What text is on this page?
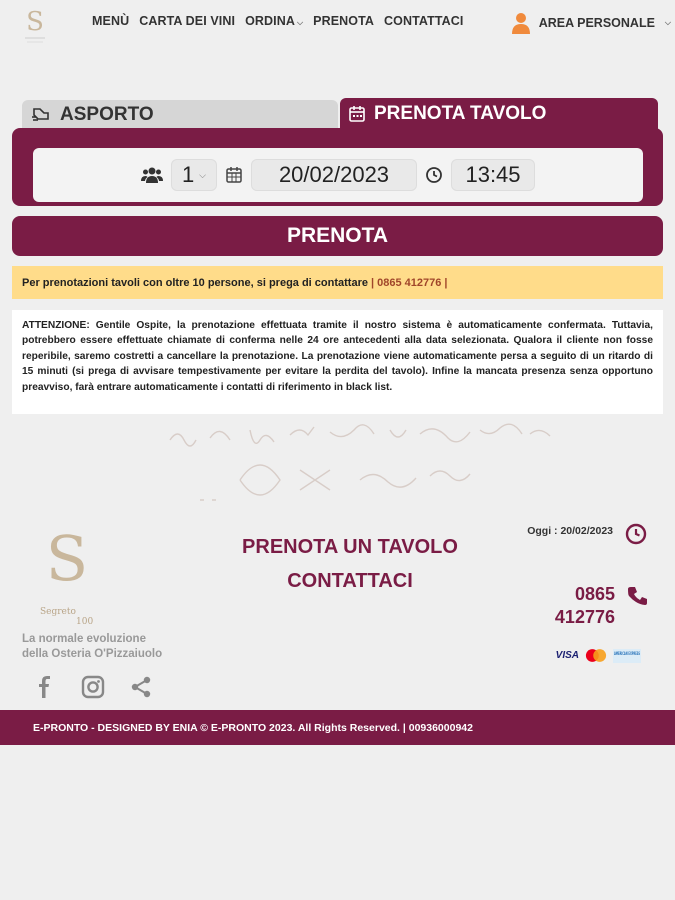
S	MENÙ CARTA DEI VINI ORDINA ⌵ PRENOTA CONTATTACI	AREA PERSONALE ⌵
ASPORTO	PRENOTA TAVOLO
1 ⌵	20/02/2023	13:45
PRENOTA
Per prenotazioni tavoli con oltre 10 persone, si prega di contattare | 0865 412776 |
ATTENZIONE: Gentile Ospite, la prenotazione effettuata tramite il nostro sistema è automaticamente confermata. Tuttavia, potrebbero essere effettuate chiamate di conferma nelle 24 ore antecedenti alla data selezionata. Qualora il cliente non fosse reperibile, saremo costretti a cancellare la prenotazione. La prenotazione viene automaticamente persa a seguito di un ritardo di 15 minuti (si prega di avvisare tempestivamente per evitare la perdita del tavolo). Infine la mancata presenza senza opportuno preavviso, farà entrare automaticamente i contatti di riferimento in black list.
S
Segreto
100
La normale evoluzione
della Osteria O'Pizzaiuolo
PRENOTA UN TAVOLO
CONTATTACI
Oggi : 20/02/2023
0865
412776
VISA	AMERICAN EXPRESS
E-PRONTO - DESIGNED BY ENIA © E-PRONTO 2023. All Rights Reserved. | 00936000942
